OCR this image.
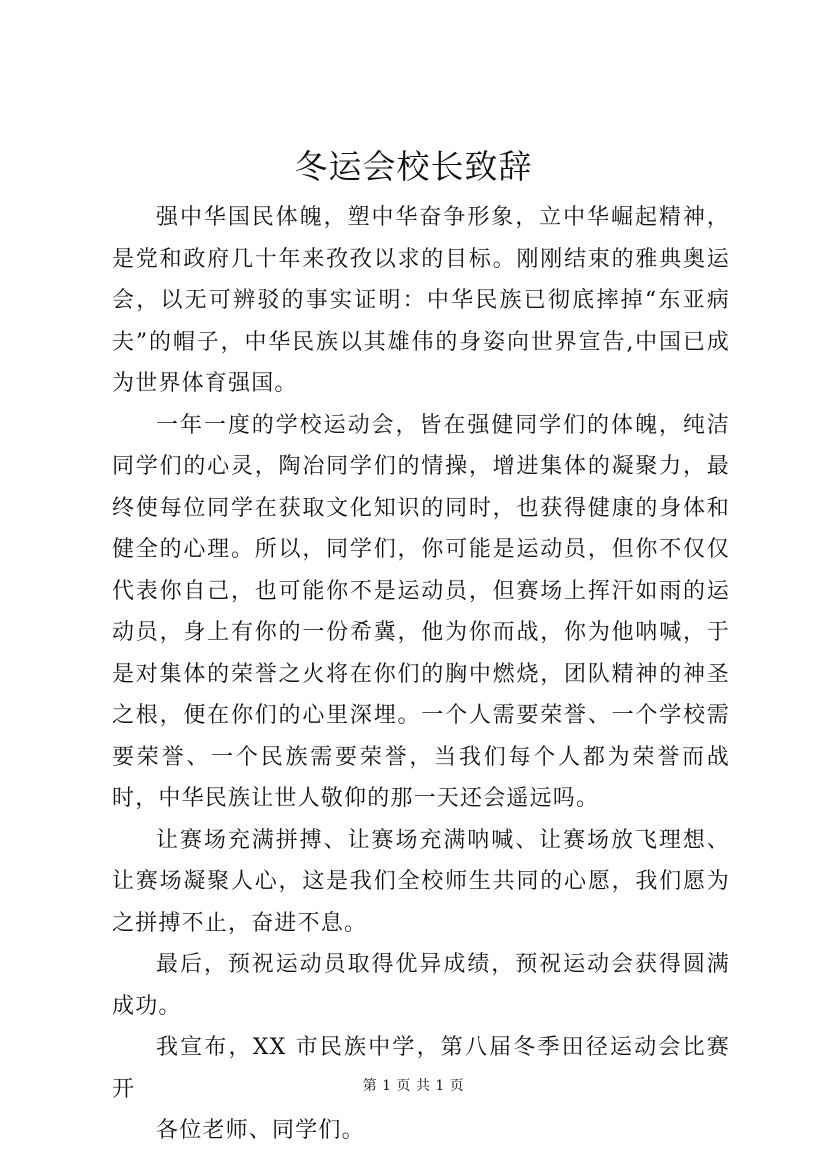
冬运会校长致辞

强中华国民体魄，塑中华奋争形象，立中华崛起精神，是党和政府几十年来孜孜以求的目标。刚刚结束的雅典奥运会，以无可辨驳的事实证明：中华民族已彻底摔掉“东亚病夫”的帽子，中华民族以其雄伟的身姿向世界宣告,中国已成为世界体育强国。

一年一度的学校运动会，皆在强健同学们的体魄，纯洁同学们的心灵，陶冶同学们的情操，增进集体的凝聚力，最终使每位同学在获取文化知识的同时，也获得健康的身体和健全的心理。所以，同学们，你可能是运动员，但你不仅仅代表你自己，也可能你不是运动员，但赛场上挥汗如雨的运动员，身上有你的一份希冀，他为你而战，你为他呐喊，于是对集体的荣誉之火将在你们的胸中燃烧，团队精神的神圣之根，便在你们的心里深埋。一个人需要荣誉、一个学校需要荣誉、一个民族需要荣誉，当我们每个人都为荣誉而战时，中华民族让世人敬仰的那一天还会遥远吗。

让赛场充满拼搏、让赛场充满呐喊、让赛场放飞理想、让赛场凝聚人心，这是我们全校师生共同的心愿，我们愿为之拼搏不止，奋进不息。

最后，预祝运动员取得优异成绩，预祝运动会获得圆满成功。

我宣布，XX 市民族中学，第八届冬季田径运动会比赛开

各位老师、同学们。

第 1 页 共 1 页
